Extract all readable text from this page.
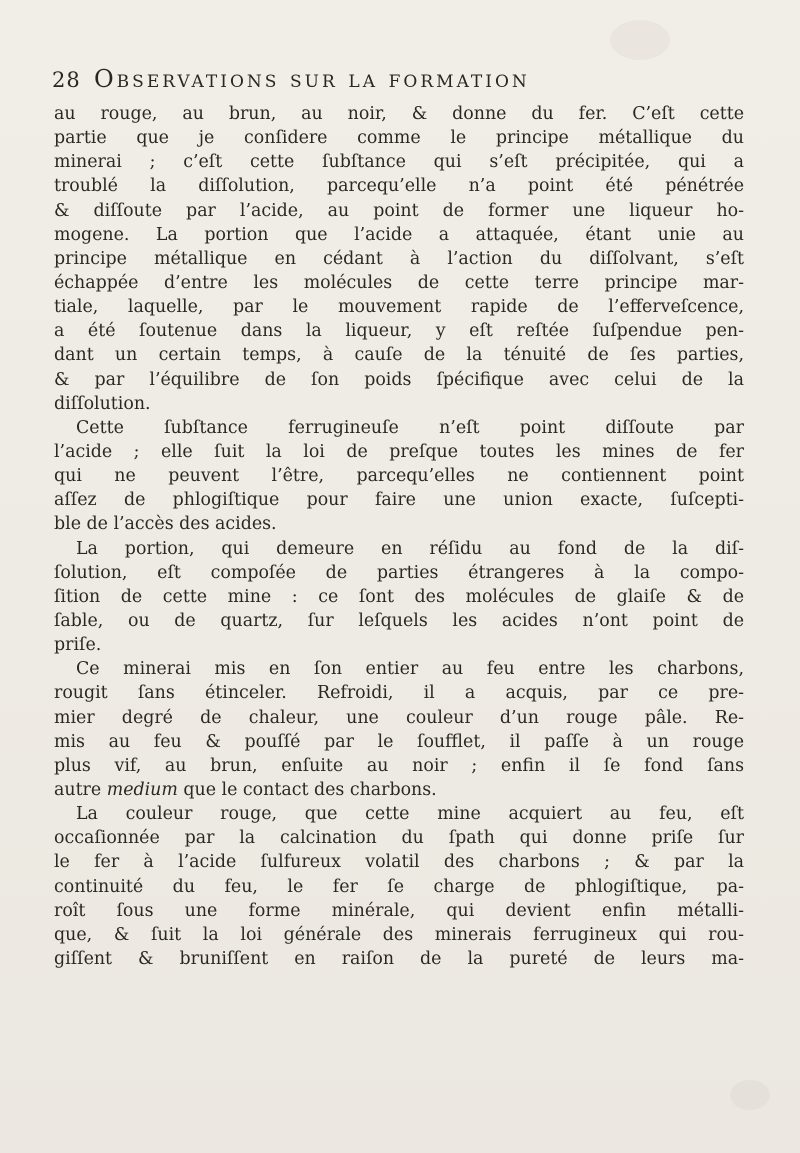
28 Observations sur la formation
au rouge, au brun, au noir, & donne du fer. C’eſt cette
partie que je conſidere comme le principe métallique du
minerai ; c’eſt cette ſubſtance qui s’eſt précipitée, qui a
troublé la diſſolution, parcequ’elle n’a point été pénétrée
& diſſoute par l’acide, au point de former une liqueur ho-
mogene. La portion que l’acide a attaquée, étant unie au
principe métallique en cédant à l’action du diſſolvant, s’eſt
échappée d’entre les molécules de cette terre principe mar-
tiale, laquelle, par le mouvement rapide de l’efferveſcence,
a été ſoutenue dans la liqueur, y eſt reſtée ſuſpendue pen-
dant un certain temps, à cauſe de la ténuité de ſes parties,
& par l’équilibre de ſon poids ſpécifique avec celui de la
diſſolution.
Cette ſubſtance ferrugineuſe n’eſt point diſſoute par
l’acide ; elle ſuit la loi de preſque toutes les mines de fer
qui ne peuvent l’être, parcequ’elles ne contiennent point
aſſez de phlogiſtique pour faire une union exacte, ſuſcepti-
ble de l’accès des acides.
La portion, qui demeure en réſidu au fond de la diſ-
ſolution, eſt compoſée de parties étrangeres à la compo-
ſition de cette mine : ce ſont des molécules de glaiſe & de
ſable, ou de quartz, ſur leſquels les acides n’ont point de
priſe.
Ce minerai mis en ſon entier au feu entre les charbons,
rougit ſans étinceler. Refroidi, il a acquis, par ce pre-
mier degré de chaleur, une couleur d’un rouge pâle. Re-
mis au feu & pouſſé par le ſoufflet, il paſſe à un rouge
plus vif, au brun, enſuite au noir ; enfin il ſe fond ſans
autre medium que le contact des charbons.
La couleur rouge, que cette mine acquiert au feu, eſt
occaſionnée par la calcination du ſpath qui donne priſe ſur
le fer à l’acide ſulfureux volatil des charbons ; & par la
continuité du feu, le fer ſe charge de phlogiſtique, pa-
roît ſous une forme minérale, qui devient enfin métalli-
que, & ſuit la loi générale des minerais ferrugineux qui rou-
giſſent & bruniſſent en raiſon de la pureté de leurs ma-
